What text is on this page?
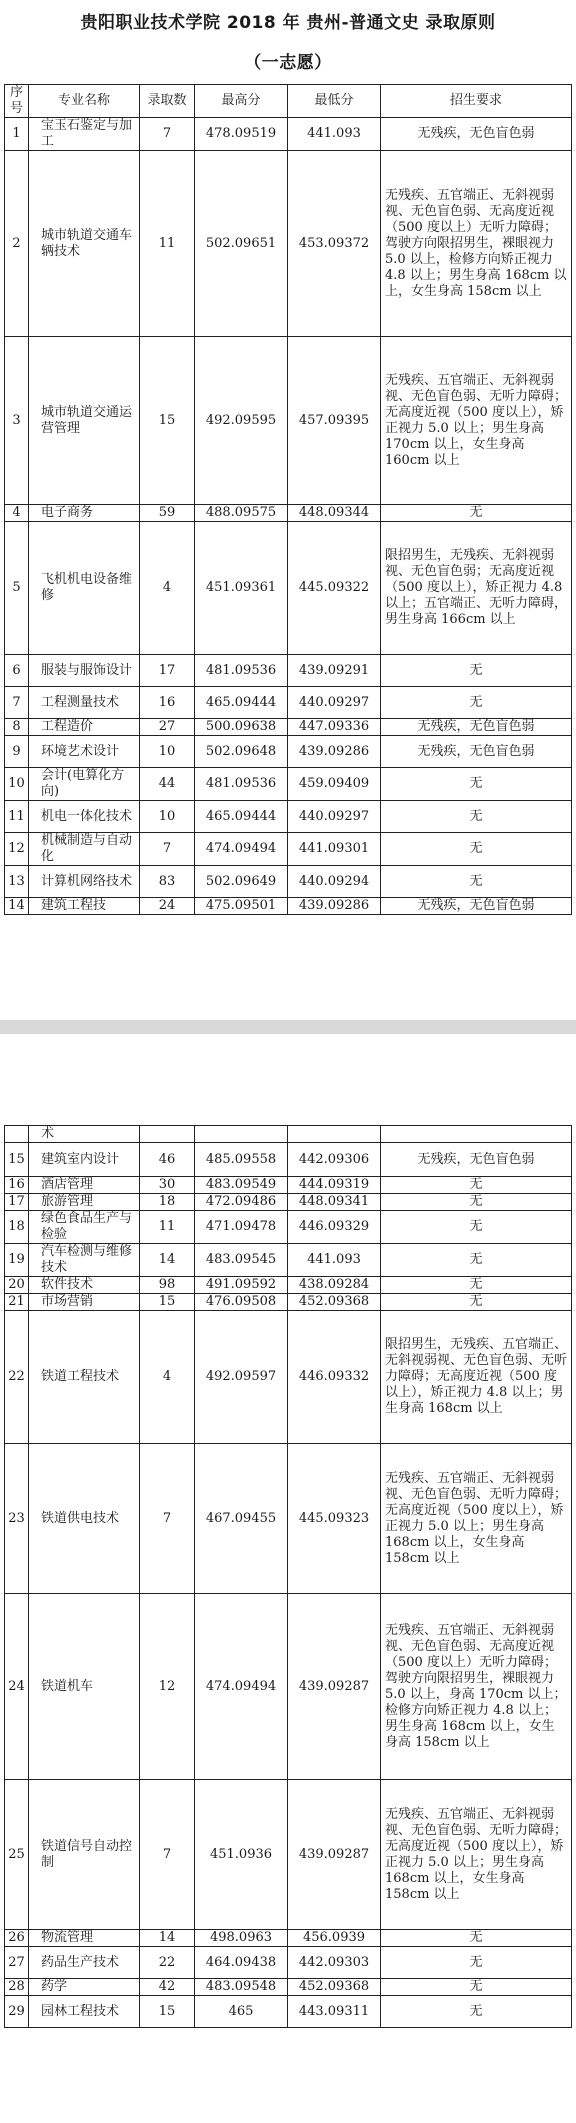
贵阳职业技术学院 2018 年 贵州-普通文史 录取原则
（一志愿）
序号	专业名称	录取数	最高分	最低分	招生要求
1	宝玉石鉴定与加工	7	478.09519	441.093	无残疾，无色盲色弱
2	城市轨道交通车辆技术	11	502.09651	453.09372	无残疾、五官端正、无斜视弱视、无色盲色弱、无高度近视（500 度以上）无听力障碍；驾驶方向限招男生，裸眼视力 5.0 以上，检修方向矫正视力 4.8 以上；男生身高 168cm 以上，女生身高 158cm 以上
3	城市轨道交通运营管理	15	492.09595	457.09395	无残疾、五官端正、无斜视弱视、无色盲色弱、无听力障碍；无高度近视（500 度以上），矫正视力 5.0 以上；男生身高 170cm 以上，女生身高 160cm 以上
4	电子商务	59	488.09575	448.09344	无
5	飞机机电设备维修	4	451.09361	445.09322	限招男生，无残疾、无斜视弱视、无色盲色弱；无高度近视（500 度以上），矫正视力 4.8 以上；五官端正、无听力障碍，男生身高 166cm 以上
6	服装与服饰设计	17	481.09536	439.09291	无
7	工程测量技术	16	465.09444	440.09297	无
8	工程造价	27	500.09638	447.09336	无残疾，无色盲色弱
9	环境艺术设计	10	502.09648	439.09286	无残疾，无色盲色弱
10	会计(电算化方向)	44	481.09536	459.09409	无
11	机电一体化技术	10	465.09444	440.09297	无
12	机械制造与自动化	7	474.09494	441.09301	无
13	计算机网络技术	83	502.09649	440.09294	无
14	建筑工程技	24	475.09501	439.09286	无残疾，无色盲色弱
	术				
15	建筑室内设计	46	485.09558	442.09306	无残疾，无色盲色弱
16	酒店管理	30	483.09549	444.09319	无
17	旅游管理	18	472.09486	448.09341	无
18	绿色食品生产与检验	11	471.09478	446.09329	无
19	汽车检测与维修技术	14	483.09545	441.093	无
20	软件技术	98	491.09592	438.09284	无
21	市场营销	15	476.09508	452.09368	无
22	铁道工程技术	4	492.09597	446.09332	限招男生，无残疾、五官端正、无斜视弱视、无色盲色弱、无听力障碍；无高度近视（500 度以上），矫正视力 4.8 以上；男生身高 168cm 以上
23	铁道供电技术	7	467.09455	445.09323	无残疾、五官端正、无斜视弱视、无色盲色弱、无听力障碍；无高度近视（500 度以上），矫正视力 5.0 以上；男生身高 168cm 以上，女生身高 158cm 以上
24	铁道机车	12	474.09494	439.09287	无残疾、五官端正、无斜视弱视、无色盲色弱、无高度近视（500 度以上）无听力障碍；驾驶方向限招男生，裸眼视力 5.0 以上，身高 170cm 以上；检修方向矫正视力 4.8 以上；男生身高 168cm 以上，女生身高 158cm 以上
25	铁道信号自动控制	7	451.0936	439.09287	无残疾、五官端正、无斜视弱视、无色盲色弱、无听力障碍；无高度近视（500 度以上），矫正视力 5.0 以上；男生身高 168cm 以上，女生身高 158cm 以上
26	物流管理	14	498.0963	456.0939	无
27	药品生产技术	22	464.09438	442.09303	无
28	药学	42	483.09548	452.09368	无
29	园林工程技术	15	465	443.09311	无
